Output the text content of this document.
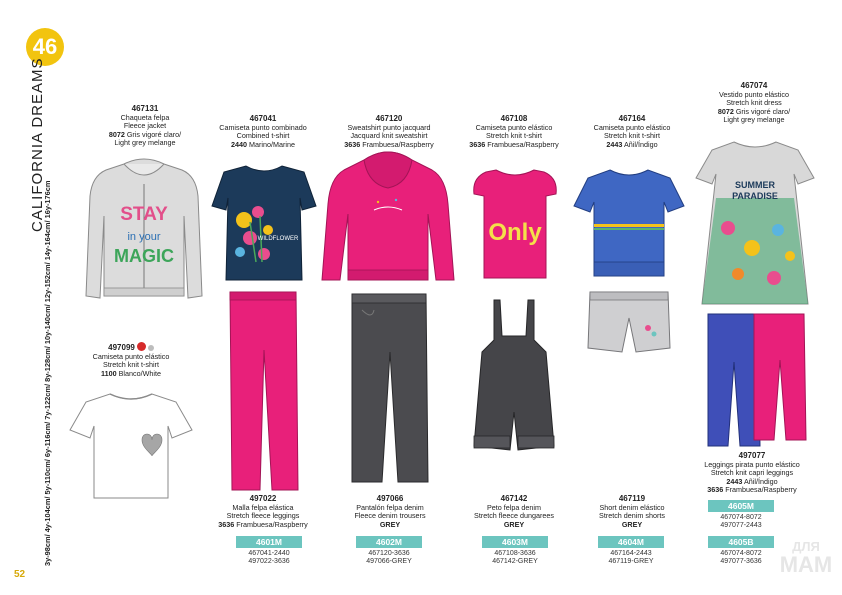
46
CALIFORNIA DREAMS
3y-98cm/ 4y-104cm/ 5y-110cm/ 6y-116cm/ 7y-122cm/ 8y-128cm/ 10y-140cm/ 12y-152cm/ 14y-164cm/ 16y-176cm
52
STAY
in your
MAGIC
WILDFLOWER	Only
SUMMER
PARADISE
467131
Chaqueta felpa
Fleece jacket
8072 Gris vigoré claro/
Light grey melange
497099
Camiseta punto elástico
Stretch knit t-shirt
1100 Blanco/White
467041
Camiseta punto combinado
Combined t-shirt
2440 Marino/Marine
467120
Sweatshirt punto jacquard
Jacquard knit sweatshirt
3636 Frambuesa/Raspberry
467108
Camiseta punto elástico
Stretch knit t-shirt
3636 Frambuesa/Raspberry
467164
Camiseta punto elástico
Stretch knit t-shirt
2443 Añil/Índigo
467074
Vestido punto elástico
Stretch knit dress
8072 Gris vigoré claro/
Light grey melange
497022
Malla felpa elástica
Stretch fleece leggings
3636 Frambuesa/Raspberry
497066
Pantalón felpa denim
Fleece denim trousers
GREY
467142
Peto felpa denim
Stretch fleece dungarees
GREY
467119
Short denim elástico
Stretch denim shorts
GREY
497077
Leggings pirata punto elástico
Stretch knit capri leggings
2443 Añil/Índigo
3636 Frambuesa/Raspberry
4601M
467041-2440
497022-3636
4602M
467120-3636
497066-GREY
4603M
467108-3636
467142-GREY
4604M
467164-2443
467119-GREY
4605M
467074-8072
497077-2443
4605B
467074-8072
497077-3636
ДЛЯ
МАМ
